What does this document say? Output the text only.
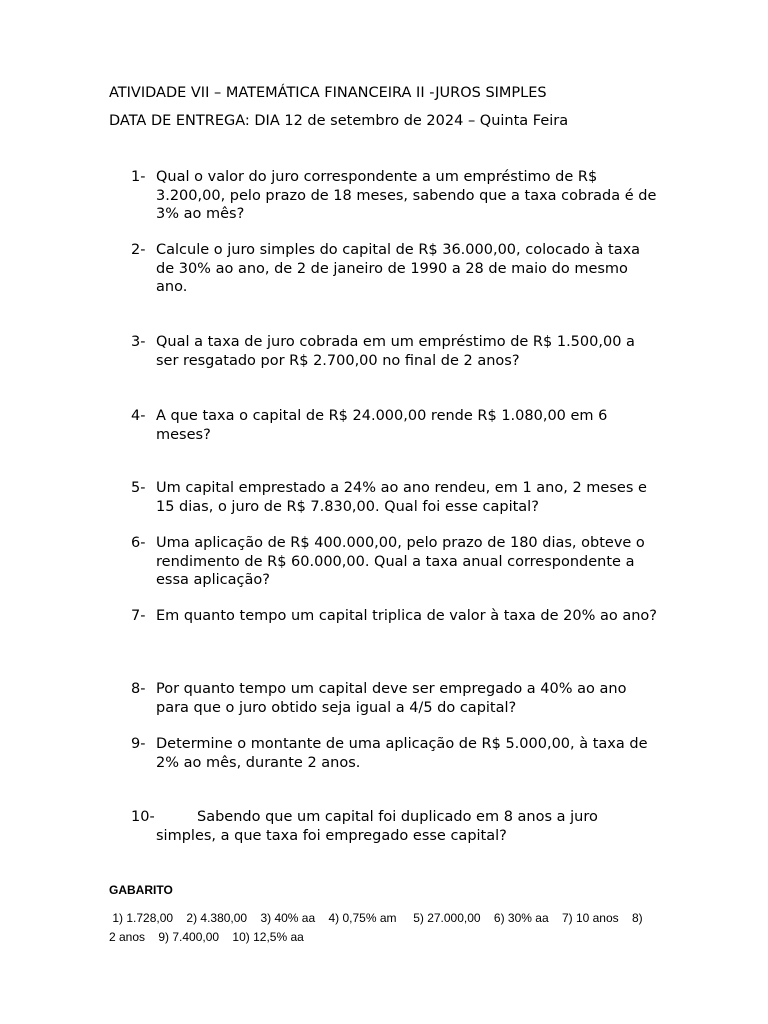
ATIVIDADE VII – MATEMÁTICA FINANCEIRA II -JUROS SIMPLES
DATA DE ENTREGA: DIA 12 de setembro de 2024 – Quinta Feira
1- Qual o valor do juro correspondente a um empréstimo de R$ 3.200,00, pelo prazo de 18 meses, sabendo que a taxa cobrada é de 3% ao mês?
2- Calcule o juro simples do capital de R$ 36.000,00, colocado à taxa de 30% ao ano, de 2 de janeiro de 1990 a 28 de maio do mesmo ano.
3- Qual a taxa de juro cobrada em um empréstimo de R$ 1.500,00 a ser resgatado por R$ 2.700,00 no final de 2 anos?
4- A que taxa o capital de R$ 24.000,00 rende R$ 1.080,00 em 6 meses?
5- Um capital emprestado a 24% ao ano rendeu, em 1 ano, 2 meses e 15 dias, o juro de R$ 7.830,00. Qual foi esse capital?
6- Uma aplicação de R$ 400.000,00, pelo prazo de 180 dias, obteve o rendimento de R$ 60.000,00. Qual a taxa anual correspondente a essa aplicação?
7- Em quanto tempo um capital triplica de valor à taxa de 20% ao ano?
8- Por quanto tempo um capital deve ser empregado a 40% ao ano para que o juro obtido seja igual a 4/5 do capital?
9- Determine o montante de uma aplicação de R$ 5.000,00, à taxa de 2% ao mês, durante 2 anos.
10-	Sabendo que um capital foi duplicado em 8 anos a juro simples, a que taxa foi empregado esse capital?
GABARITO
1) 1.728,00    2) 4.380,00    3) 40% aa    4) 0,75% am     5) 27.000,00    6) 30% aa    7) 10 anos    8) 2 anos    9) 7.400,00    10) 12,5% aa
